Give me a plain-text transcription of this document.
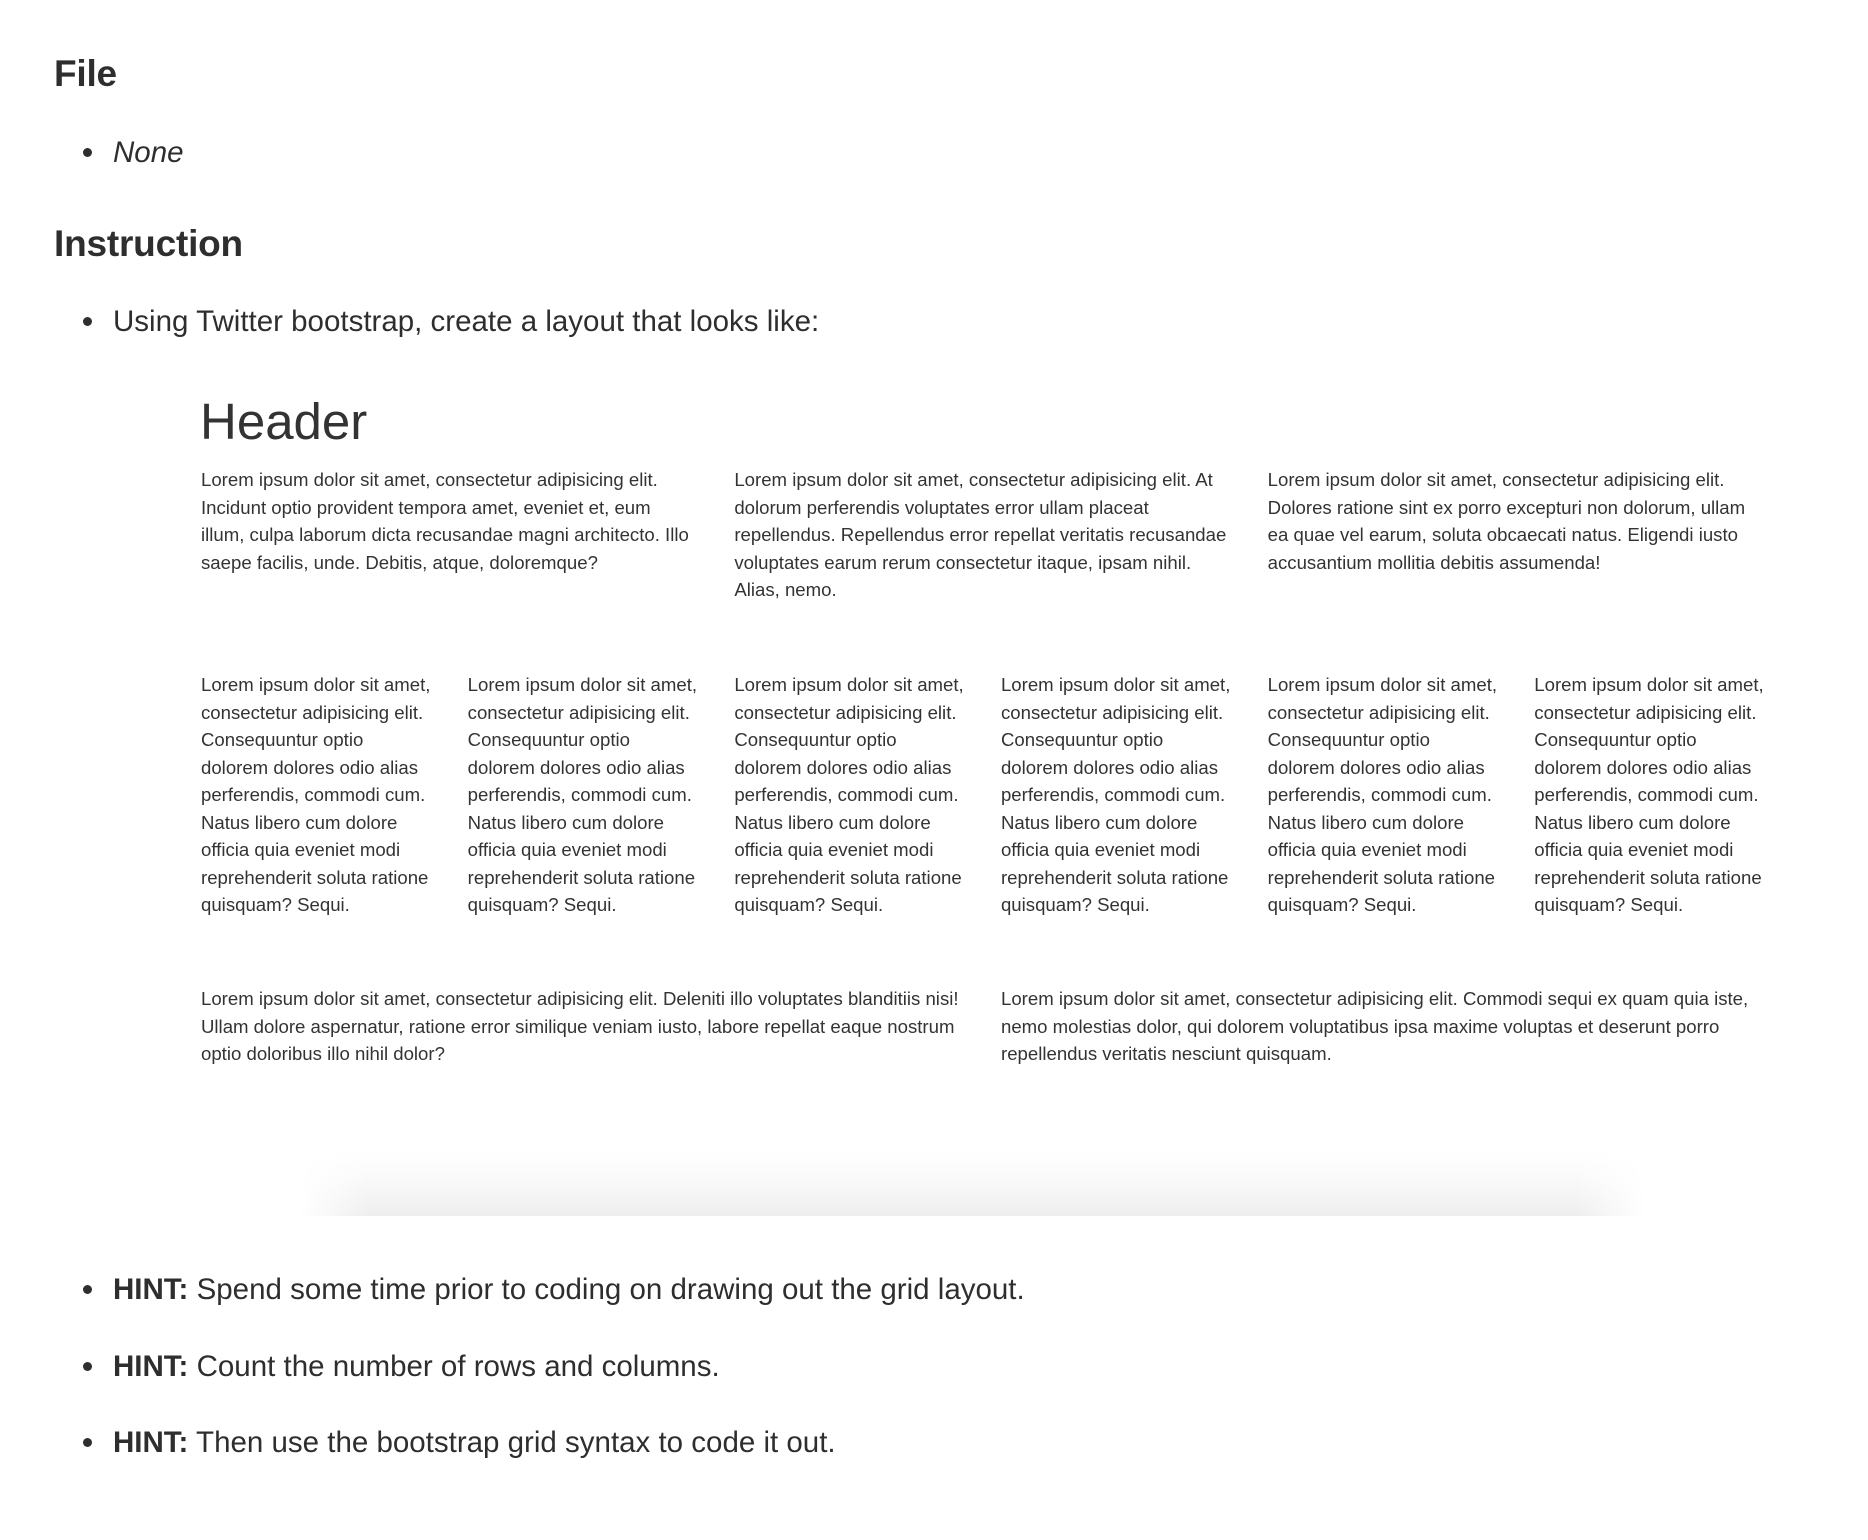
File
None
Instruction
Using Twitter bootstrap, create a layout that looks like:
Header
Lorem ipsum dolor sit amet, consectetur adipisicing elit. Incidunt optio provident tempora amet, eveniet et, eum illum, culpa laborum dicta recusandae magni architecto. Illo saepe facilis, unde. Debitis, atque, doloremque?
Lorem ipsum dolor sit amet, consectetur adipisicing elit. At dolorum perferendis voluptates error ullam placeat repellendus. Repellendus error repellat veritatis recusandae voluptates earum rerum consectetur itaque, ipsam nihil. Alias, nemo.
Lorem ipsum dolor sit amet, consectetur adipisicing elit. Dolores ratione sint ex porro excepturi non dolorum, ullam ea quae vel earum, soluta obcaecati natus. Eligendi iusto accusantium mollitia debitis assumenda!
Lorem ipsum dolor sit amet, consectetur adipisicing elit. Consequuntur optio dolorem dolores odio alias perferendis, commodi cum. Natus libero cum dolore officia quia eveniet modi reprehenderit soluta ratione quisquam? Sequi.
Lorem ipsum dolor sit amet, consectetur adipisicing elit. Consequuntur optio dolorem dolores odio alias perferendis, commodi cum. Natus libero cum dolore officia quia eveniet modi reprehenderit soluta ratione quisquam? Sequi.
Lorem ipsum dolor sit amet, consectetur adipisicing elit. Consequuntur optio dolorem dolores odio alias perferendis, commodi cum. Natus libero cum dolore officia quia eveniet modi reprehenderit soluta ratione quisquam? Sequi.
Lorem ipsum dolor sit amet, consectetur adipisicing elit. Consequuntur optio dolorem dolores odio alias perferendis, commodi cum. Natus libero cum dolore officia quia eveniet modi reprehenderit soluta ratione quisquam? Sequi.
Lorem ipsum dolor sit amet, consectetur adipisicing elit. Consequuntur optio dolorem dolores odio alias perferendis, commodi cum. Natus libero cum dolore officia quia eveniet modi reprehenderit soluta ratione quisquam? Sequi.
Lorem ipsum dolor sit amet, consectetur adipisicing elit. Consequuntur optio dolorem dolores odio alias perferendis, commodi cum. Natus libero cum dolore officia quia eveniet modi reprehenderit soluta ratione quisquam? Sequi.
Lorem ipsum dolor sit amet, consectetur adipisicing elit. Deleniti illo voluptates blanditiis nisi! Ullam dolore aspernatur, ratione error similique veniam iusto, labore repellat eaque nostrum optio doloribus illo nihil dolor?
Lorem ipsum dolor sit amet, consectetur adipisicing elit. Commodi sequi ex quam quia iste, nemo molestias dolor, qui dolorem voluptatibus ipsa maxime voluptas et deserunt porro repellendus veritatis nesciunt quisquam.
HINT: Spend some time prior to coding on drawing out the grid layout.
HINT: Count the number of rows and columns.
HINT: Then use the bootstrap grid syntax to code it out.
